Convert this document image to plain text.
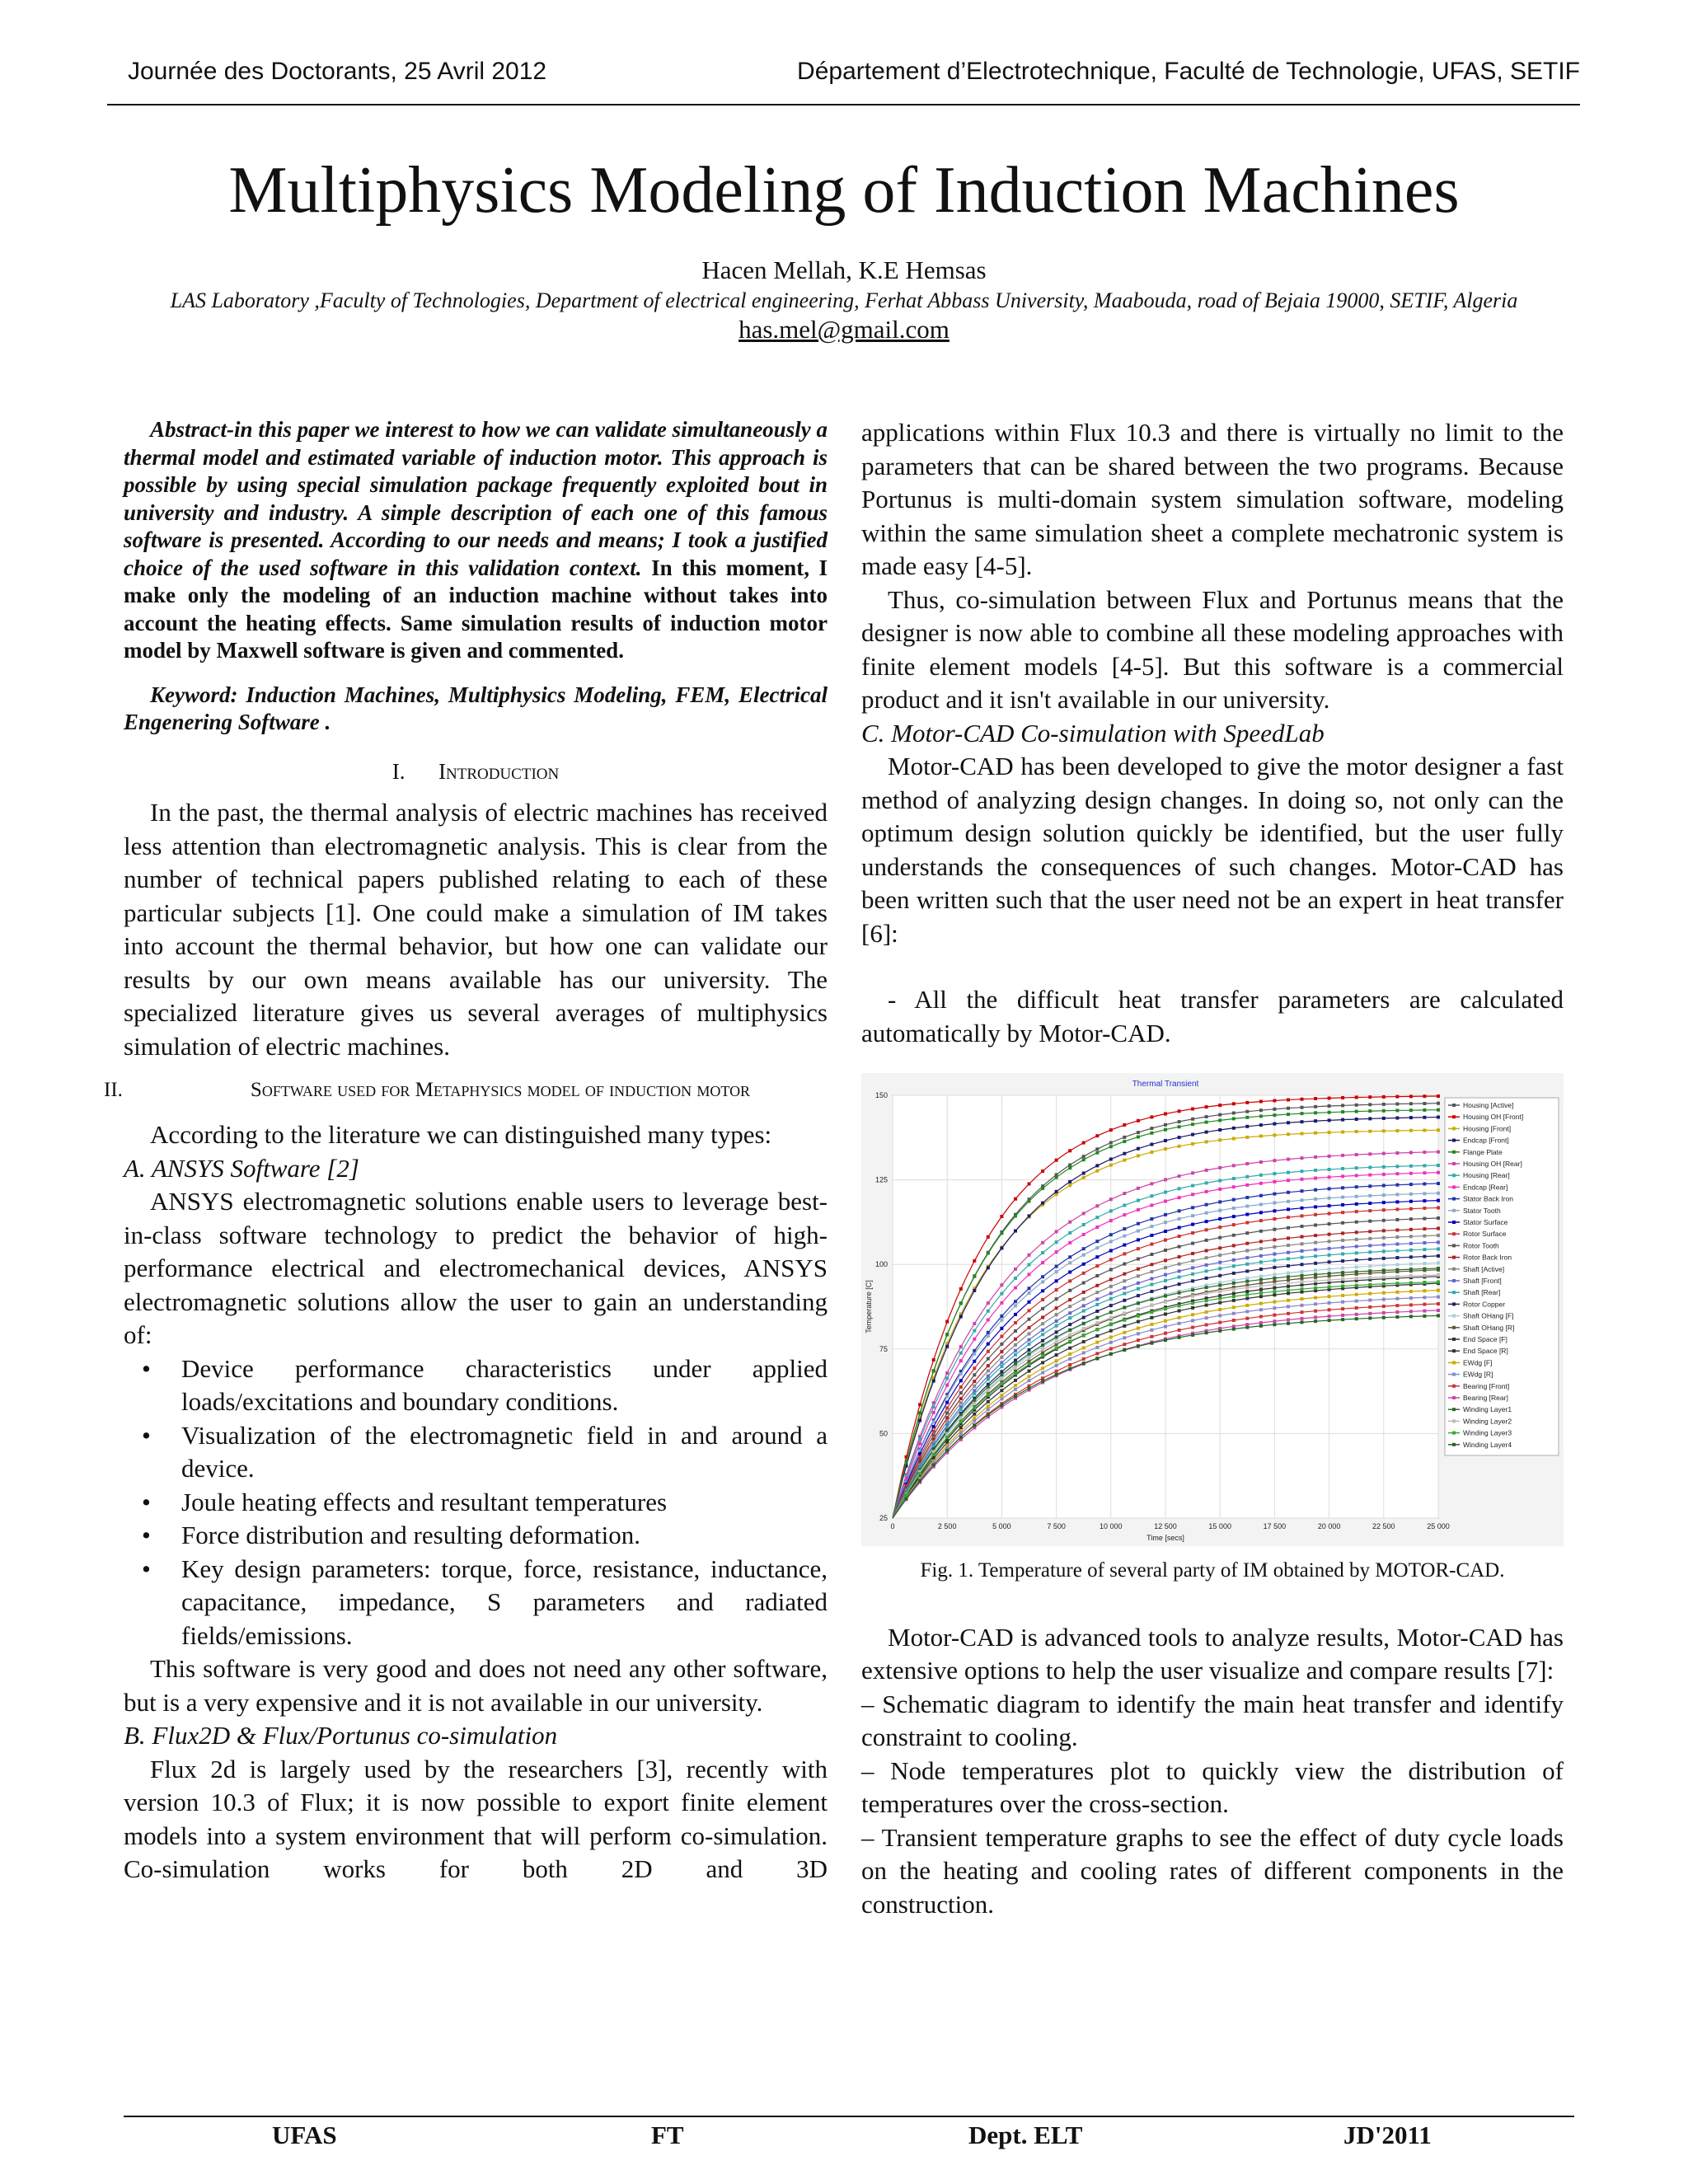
Journée des Doctorants, 25 Avril 2012	Département d’Electrotechnique, Faculté de Technologie, UFAS, SETIF
Multiphysics Modeling of Induction Machines
Hacen Mellah, K.E Hemsas
LAS Laboratory ,Faculty of Technologies, Department of electrical engineering, Ferhat Abbass University, Maabouda, road of Bejaia 19000, SETIF, Algeria
has.mel@gmail.com

Abstract-in this paper we interest to how we can validate simultaneously a thermal model and estimated variable of induction motor. This approach is possible by using special simulation package frequently exploited bout in university and industry. A simple description of each one of this famous software is presented. According to our needs and means; I took a justified choice of the used software in this validation context. In this moment, I make only the modeling of an induction machine without takes into account the heating effects. Same simulation results of induction motor model by Maxwell software is given and commented.

Keyword: Induction Machines, Multiphysics Modeling, FEM, Electrical Engenering Software .

I. Introduction

In the past, the thermal analysis of electric machines has received less attention than electromagnetic analysis. This is clear from the number of technical papers published relating to each of these particular subjects [1]. One could make a simulation of IM takes into account the thermal behavior, but how one can validate our results by our own means available has our university. The specialized literature gives us several averages of multiphysics simulation of electric machines.

II.	Software used for Metaphysics model of induction motor

According to the literature we can distinguished many types:

A. ANSYS Software [2]

ANSYS electromagnetic solutions enable users to leverage best-in-class software technology to predict the behavior of high-performance electrical and electromechanical devices, ANSYS electromagnetic solutions allow the user to gain an understanding of:

• Device performance characteristics under applied loads/excitations and boundary conditions.
• Visualization of the electromagnetic field in and around a device.
• Joule heating effects and resultant temperatures
• Force distribution and resulting deformation.
• Key design parameters: torque, force, resistance, inductance, capacitance, impedance, S parameters and radiated fields/emissions.

This software is very good and does not need any other software, but is a very expensive and it is not available in our university.

B. Flux2D & Flux/Portunus co-simulation

Flux 2d is largely used by the researchers [3], recently with version 10.3 of Flux; it is now possible to export finite element models into a system environment that will perform co-simulation. Co-simulation works for both 2D and 3D

applications within Flux 10.3 and there is virtually no limit to the parameters that can be shared between the two programs. Because Portunus is multi-domain system simulation software, modeling within the same simulation sheet a complete mechatronic system is made easy [4-5].

Thus, co-simulation between Flux and Portunus means that the designer is now able to combine all these modeling approaches with finite element models [4-5]. But this software is a commercial product and it isn't available in our university.

C. Motor-CAD Co-simulation with SpeedLab

Motor-CAD has been developed to give the motor designer a fast method of analyzing design changes. In doing so, not only can the optimum design solution quickly be identified, but the user fully understands the consequences of such changes. Motor-CAD has been written such that the user need not be an expert in heat transfer [6]:

- All the difficult heat transfer parameters are calculated automatically by Motor-CAD.

Thermal Transient
0	2 500	5 000	7 500	10 000	12 500	15 000	17 500	20 000	22 500	25 000
25
50
75
100
125
150
Time [secs]
Temperature [C]
Housing [Active]
Housing OH [Front]
Housing [Front]
Endcap [Front]
Flange Plate
Housing OH [Rear]
Housing [Rear]
Endcap [Rear]
Stator Back Iron
Stator Tooth
Stator Surface
Rotor Surface
Rotor Tooth
Rotor Back Iron
Shaft [Active]
Shaft [Front]
Shaft [Rear]
Rotor Copper
Shaft OHang [F]
Shaft OHang [R]
End Space [F]
End Space [R]
EWdg [F]
EWdg [R]
Bearing [Front]
Bearing [Rear]
Winding Layer1
Winding Layer2
Winding Layer3
Winding Layer4
Fig. 1. Temperature of several party of IM obtained by MOTOR-CAD.

Motor-CAD is advanced tools to analyze results, Motor-CAD has extensive options to help the user visualize and compare results [7]:

– Schematic diagram to identify the main heat transfer and identify constraint to cooling.

– Node temperatures plot to quickly view the distribution of temperatures over the cross-section.

– Transient temperature graphs to see the effect of duty cycle loads on the heating and cooling rates of different components in the construction.

UFAS	FT	Dept. ELT	JD'2011
